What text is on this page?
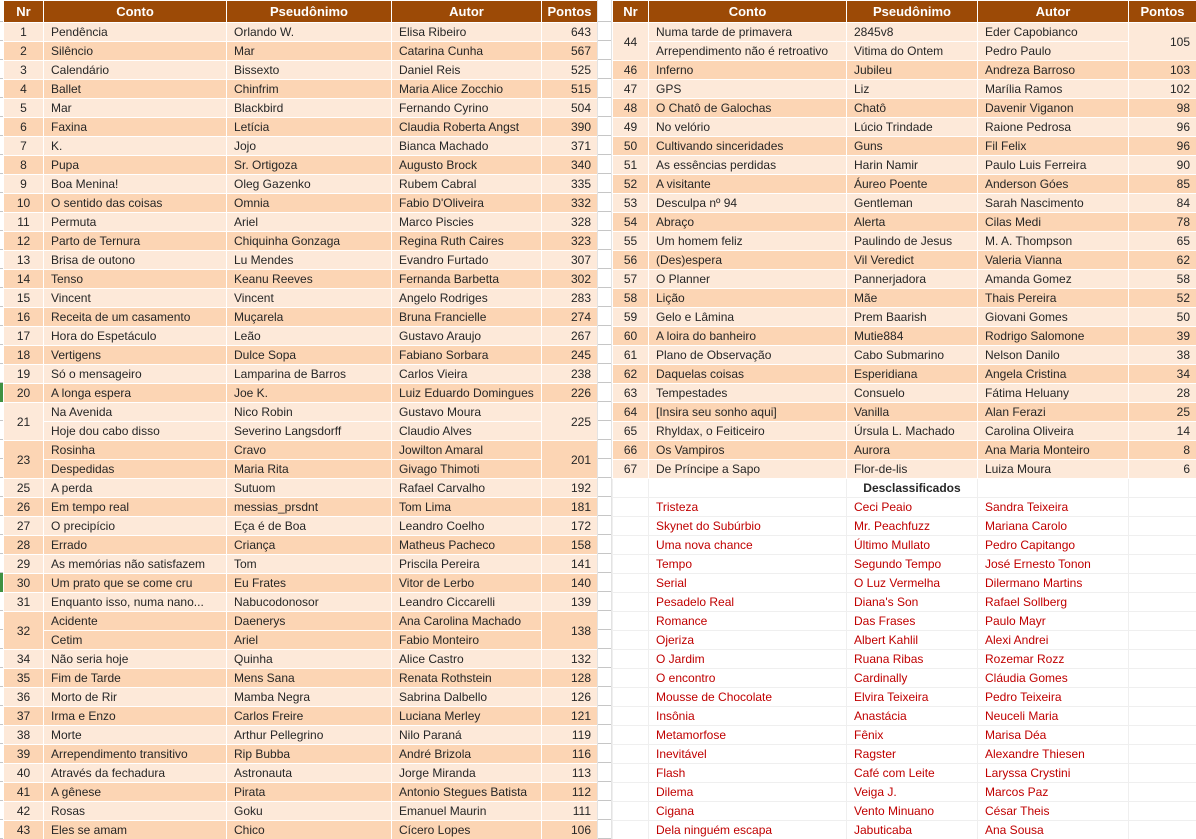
Nr	Conto	Pseudônimo	Autor	Pontos
1	Pendência	Orlando W.	Elisa Ribeiro	643
2	Silêncio	Mar	Catarina Cunha	567
3	Calendário	Bissexto	Daniel Reis	525
4	Ballet	Chinfrim	Maria Alice Zocchio	515
5	Mar	Blackbird	Fernando Cyrino	504
6	Faxina	Letícia	Claudia Roberta Angst	390
7	K.	Jojo	Bianca Machado	371
8	Pupa	Sr. Ortigoza	Augusto Brock	340
9	Boa Menina!	Oleg Gazenko	Rubem Cabral	335
10	O sentido das coisas	Omnia	Fabio D'Oliveira	332
11	Permuta	Ariel	Marco Piscies	328
12	Parto de Ternura	Chiquinha Gonzaga	Regina Ruth Caires	323
13	Brisa de outono	Lu Mendes	Evandro Furtado	307
14	Tenso	Keanu Reeves	Fernanda Barbetta	302
15	Vincent	Vincent	Angelo Rodriges	283
16	Receita de um casamento	Muçarela	Bruna Francielle	274
17	Hora do Espetáculo	Leão	Gustavo Araujo	267
18	Vertigens	Dulce Sopa	Fabiano Sorbara	245
19	Só o mensageiro	Lamparina de Barros	Carlos Vieira	238
20	A longa espera	Joe K.	Luiz Eduardo Domingues	226
21	Na Avenida	Nico Robin	Gustavo Moura	225
	Hoje dou cabo disso	Severino Langsdorff	Claudio Alves	
23	Rosinha	Cravo	Jowilton Amaral	201
	Despedidas	Maria Rita	Givago Thimoti	
25	A perda	Sutuom	Rafael Carvalho	192
26	Em tempo real	messias_prsdnt	Tom Lima	181
27	O precipício	Eça é de Boa	Leandro Coelho	172
28	Errado	Criança	Matheus Pacheco	158
29	As memórias não satisfazem	Tom	Priscila Pereira	141
30	Um prato que se come cru	Eu Frates	Vitor de Lerbo	140
31	Enquanto isso, numa nano...	Nabucodonosor	Leandro Ciccarelli	139
32	Acidente	Daenerys	Ana Carolina Machado	138
	Cetim	Ariel	Fabio Monteiro	
34	Não seria hoje	Quinha	Alice Castro	132
35	Fim de Tarde	Mens Sana	Renata Rothstein	128
36	Morto de Rir	Mamba Negra	Sabrina Dalbello	126
37	Irma e Enzo	Carlos Freire	Luciana Merley	121
38	Morte	Arthur Pellegrino	Nilo Paraná	119
39	Arrependimento transitivo	Rip Bubba	André Brizola	116
40	Através da fechadura	Astronauta	Jorge Miranda	113
41	A gênese	Pirata	Antonio Stegues Batista	112
42	Rosas	Goku	Emanuel Maurin	111
43	Eles se amam	Chico	Cícero Lopes	106
Nr	Conto	Pseudônimo	Autor	Pontos
44	Numa tarde de primavera	2845v8	Eder Capobianco	105
	Arrependimento não é retroativo	Vitima do Ontem	Pedro Paulo	
46	Inferno	Jubileu	Andreza Barroso	103
47	GPS	Liz	Marília Ramos	102
48	O Chatô de Galochas	Chatô	Davenir Viganon	98
49	No velório	Lúcio Trindade	Raione Pedrosa	96
50	Cultivando sinceridades	Guns	Fil Felix	96
51	As essências perdidas	Harin Namir	Paulo Luis Ferreira	90
52	A visitante	Áureo Poente	Anderson Góes	85
53	Desculpa nº 94	Gentleman	Sarah Nascimento	84
54	Abraço	Alerta	Cilas Medi	78
55	Um homem feliz	Paulindo de Jesus	M. A. Thompson	65
56	(Des)espera	Vil Veredict	Valeria Vianna	62
57	O Planner	Pannerjadora	Amanda Gomez	58
58	Lição	Mãe	Thais Pereira	52
59	Gelo e Lâmina	Prem Baarish	Giovani Gomes	50
60	A loira do banheiro	Mutie884	Rodrigo Salomone	39
61	Plano de Observação	Cabo Submarino	Nelson Danilo	38
62	Daquelas coisas	Esperidiana	Angela Cristina	34
63	Tempestades	Consuelo	Fátima Heluany	28
64	[Insira seu sonho aqui]	Vanilla	Alan Ferazi	25
65	Rhyldax, o Feiticeiro	Úrsula L. Machado	Carolina Oliveira	14
66	Os Vampiros	Aurora	Ana Maria Monteiro	8
67	De Príncipe a Sapo	Flor-de-lis	Luiza Moura	6
		Desclassificados		
	Tristeza	Ceci Peaio	Sandra Teixeira	
	Skynet do Subúrbio	Mr. Peachfuzz	Mariana Carolo	
	Uma nova chance	Último Mullato	Pedro Capitango	
	Tempo	Segundo Tempo	José Ernesto Tonon	
	Serial	O Luz Vermelha	Dilermano Martins	
	Pesadelo Real	Diana's Son	Rafael Sollberg	
	Romance	Das Frases	Paulo Mayr	
	Ojeriza	Albert Kahlil	Alexi Andrei	
	O Jardim	Ruana Ribas	Rozemar Rozz	
	O encontro	Cardinally	Cláudia Gomes	
	Mousse de Chocolate	Elvira Teixeira	Pedro Teixeira	
	Insônia	Anastácia	Neuceli Maria	
	Metamorfose	Fênix	Marisa Déa	
	Inevitável	Ragster	Alexandre Thiesen	
	Flash	Café com Leite	Laryssa Crystini	
	Dilema	Veiga J.	Marcos Paz	
	Cigana	Vento Minuano	César Theis	
	Dela ninguém escapa	Jabuticaba	Ana Sousa	
